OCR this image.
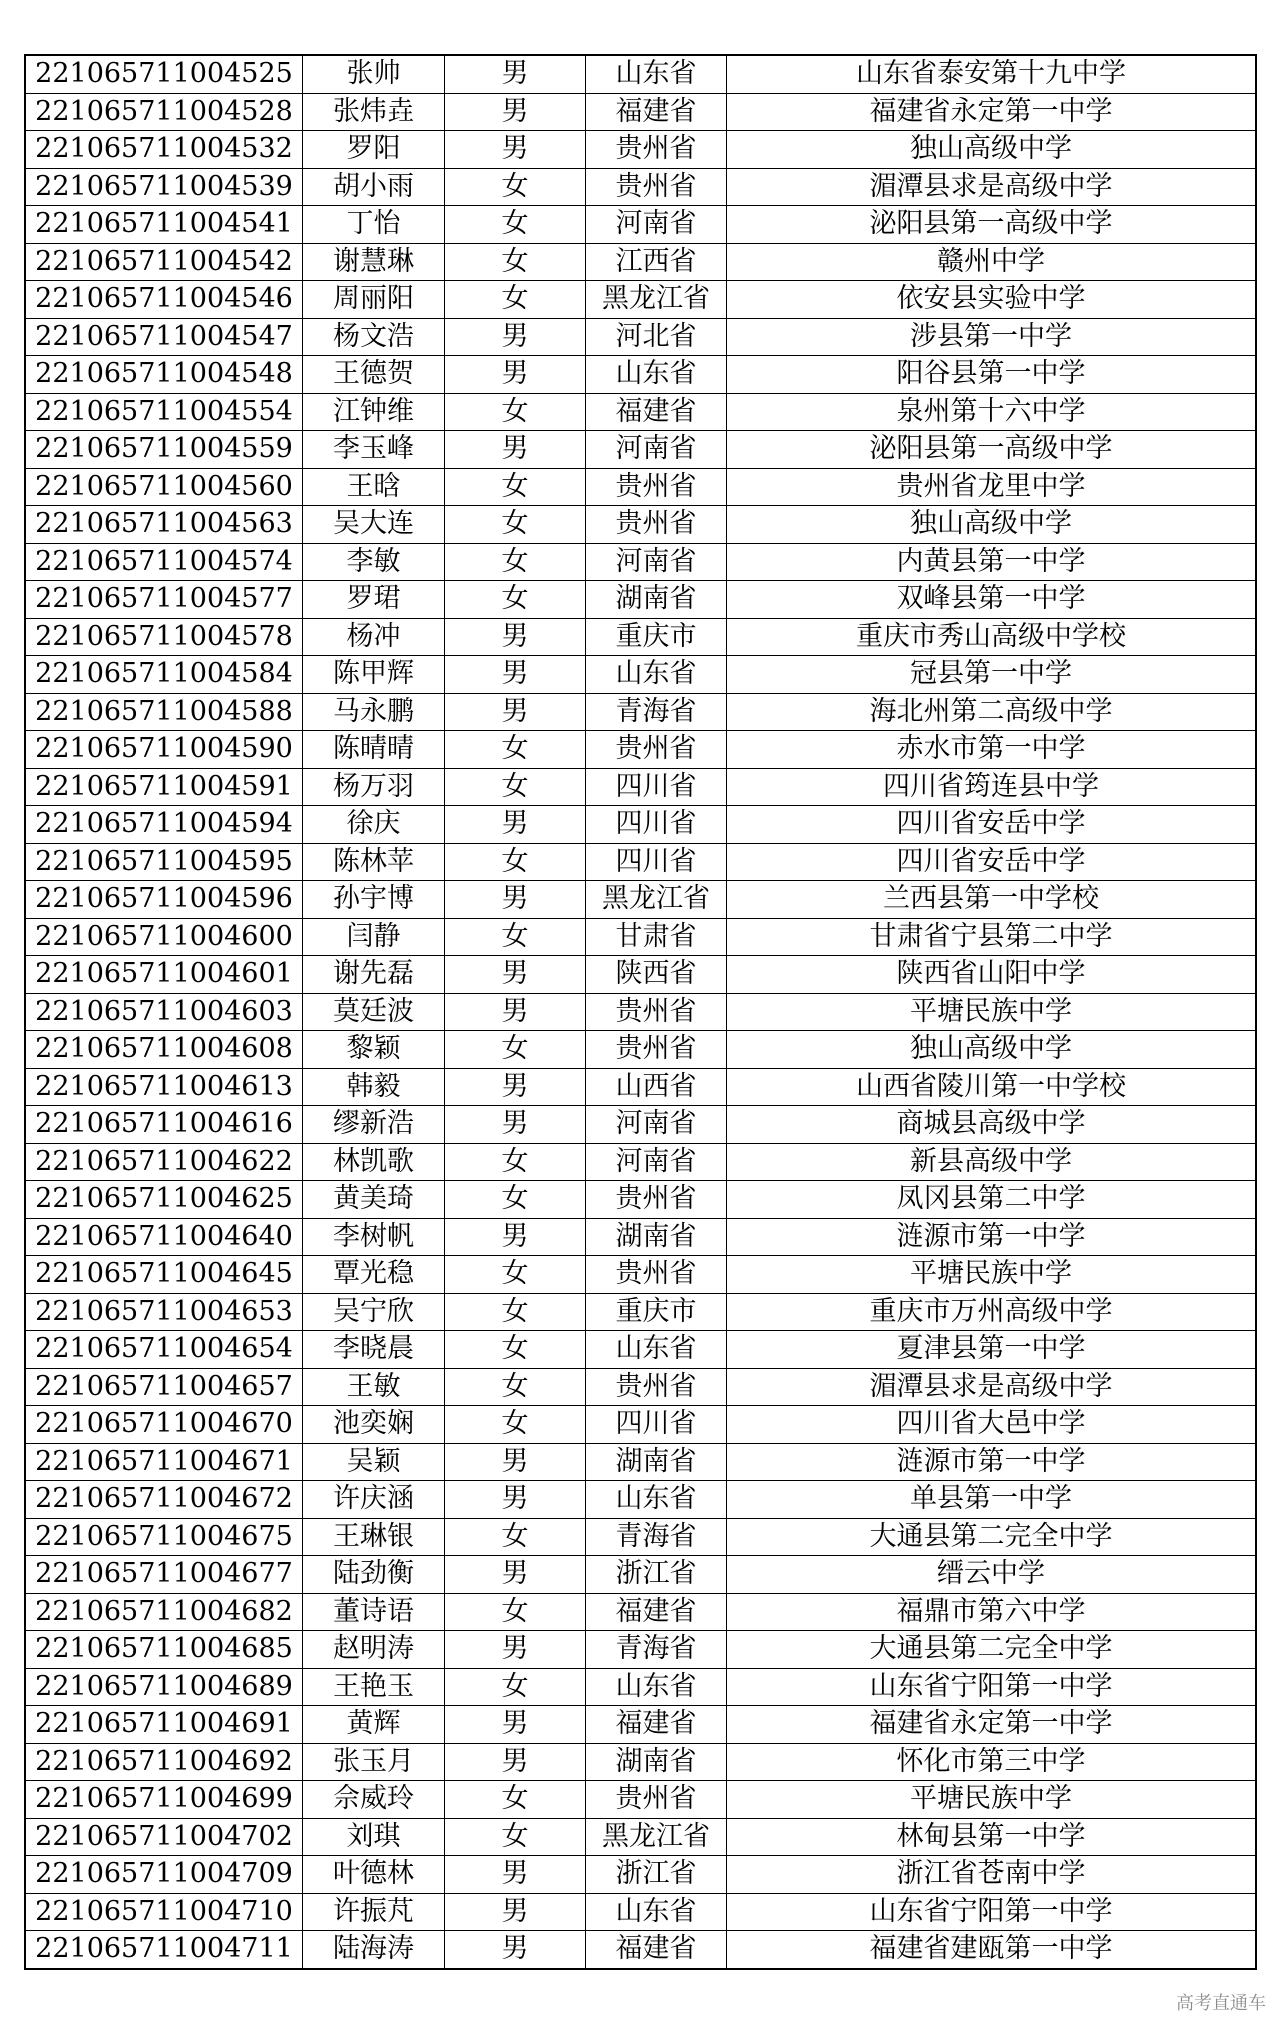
221065711004525	张帅	男	山东省	山东省泰安第十九中学
221065711004528	张炜垚	男	福建省	福建省永定第一中学
221065711004532	罗阳	男	贵州省	独山高级中学
221065711004539	胡小雨	女	贵州省	湄潭县求是高级中学
221065711004541	丁怡	女	河南省	泌阳县第一高级中学
221065711004542	谢慧琳	女	江西省	赣州中学
221065711004546	周丽阳	女	黑龙江省	依安县实验中学
221065711004547	杨文浩	男	河北省	涉县第一中学
221065711004548	王德贺	男	山东省	阳谷县第一中学
221065711004554	江钟维	女	福建省	泉州第十六中学
221065711004559	李玉峰	男	河南省	泌阳县第一高级中学
221065711004560	王晗	女	贵州省	贵州省龙里中学
221065711004563	吴大连	女	贵州省	独山高级中学
221065711004574	李敏	女	河南省	内黄县第一中学
221065711004577	罗珺	女	湖南省	双峰县第一中学
221065711004578	杨冲	男	重庆市	重庆市秀山高级中学校
221065711004584	陈甲辉	男	山东省	冠县第一中学
221065711004588	马永鹏	男	青海省	海北州第二高级中学
221065711004590	陈晴晴	女	贵州省	赤水市第一中学
221065711004591	杨万羽	女	四川省	四川省筠连县中学
221065711004594	徐庆	男	四川省	四川省安岳中学
221065711004595	陈林苹	女	四川省	四川省安岳中学
221065711004596	孙宇博	男	黑龙江省	兰西县第一中学校
221065711004600	闫静	女	甘肃省	甘肃省宁县第二中学
221065711004601	谢先磊	男	陕西省	陕西省山阳中学
221065711004603	莫廷波	男	贵州省	平塘民族中学
221065711004608	黎颖	女	贵州省	独山高级中学
221065711004613	韩毅	男	山西省	山西省陵川第一中学校
221065711004616	缪新浩	男	河南省	商城县高级中学
221065711004622	林凯歌	女	河南省	新县高级中学
221065711004625	黄美琦	女	贵州省	凤冈县第二中学
221065711004640	李树帆	男	湖南省	涟源市第一中学
221065711004645	覃光稳	女	贵州省	平塘民族中学
221065711004653	吴宁欣	女	重庆市	重庆市万州高级中学
221065711004654	李晓晨	女	山东省	夏津县第一中学
221065711004657	王敏	女	贵州省	湄潭县求是高级中学
221065711004670	池奕娴	女	四川省	四川省大邑中学
221065711004671	吴颖	男	湖南省	涟源市第一中学
221065711004672	许庆涵	男	山东省	单县第一中学
221065711004675	王琳银	女	青海省	大通县第二完全中学
221065711004677	陆劲衡	男	浙江省	缙云中学
221065711004682	董诗语	女	福建省	福鼎市第六中学
221065711004685	赵明涛	男	青海省	大通县第二完全中学
221065711004689	王艳玉	女	山东省	山东省宁阳第一中学
221065711004691	黄辉	男	福建省	福建省永定第一中学
221065711004692	张玉月	男	湖南省	怀化市第三中学
221065711004699	佘威玲	女	贵州省	平塘民族中学
221065711004702	刘琪	女	黑龙江省	林甸县第一中学
221065711004709	叶德林	男	浙江省	浙江省苍南中学
221065711004710	许振芃	男	山东省	山东省宁阳第一中学
221065711004711	陆海涛	男	福建省	福建省建瓯第一中学
高考直通车
